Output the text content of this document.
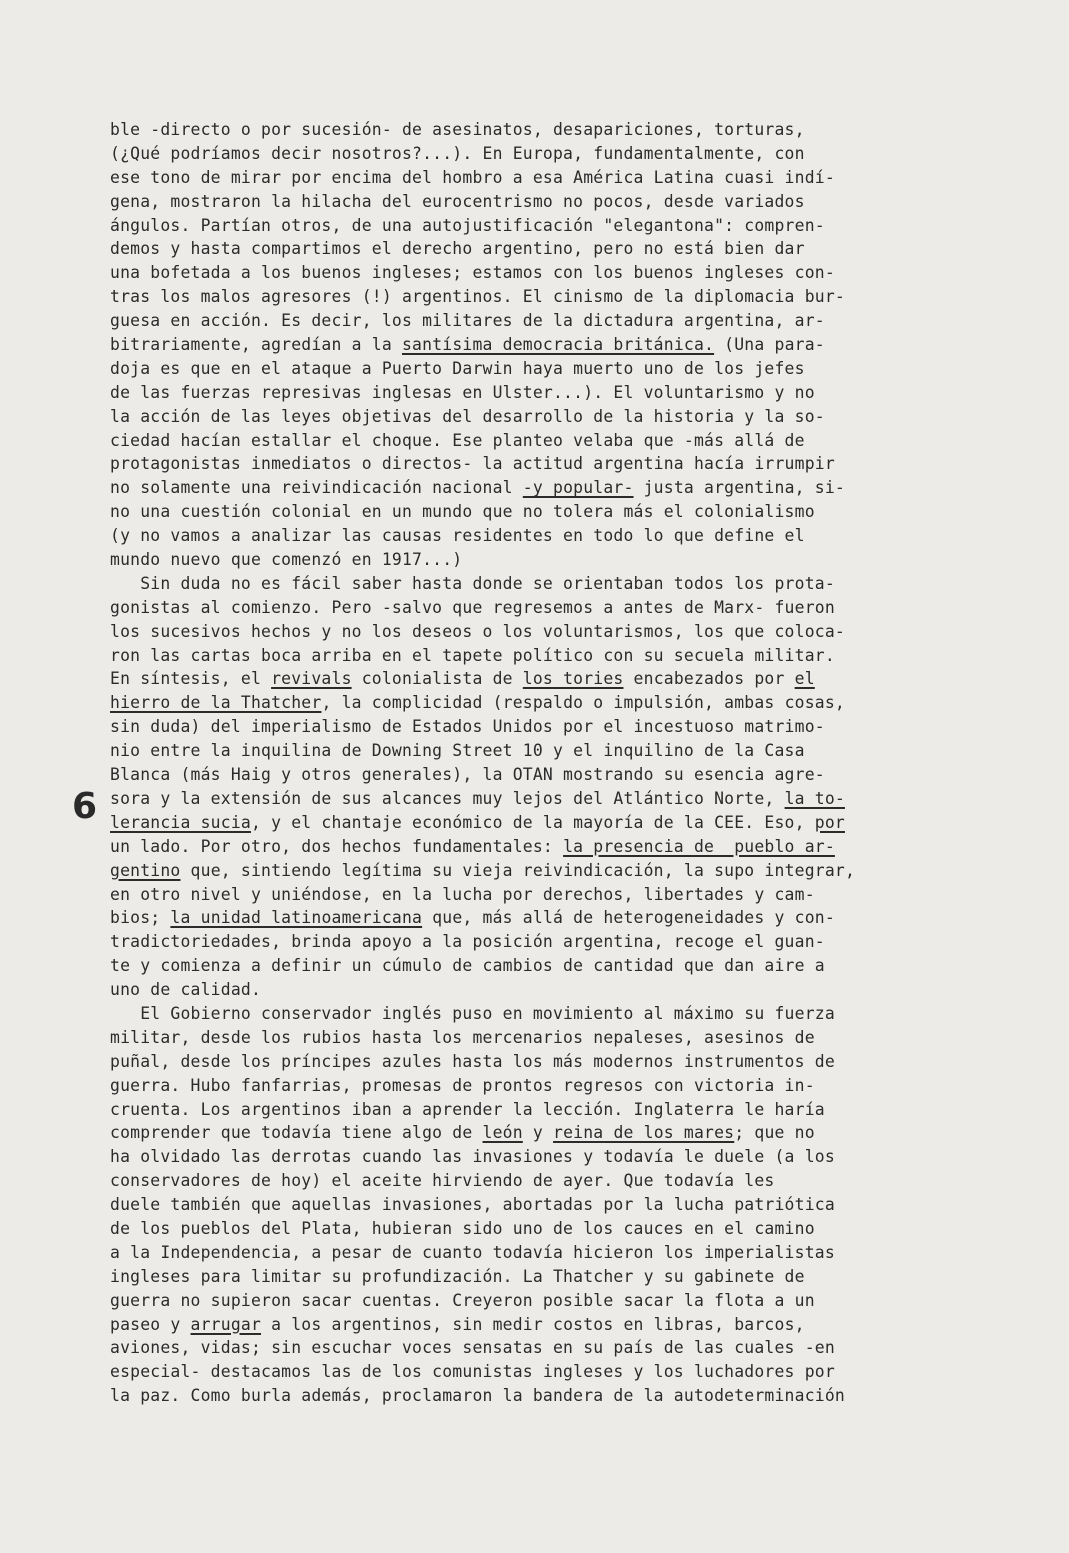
6
ble -directo o por sucesión- de asesinatos, desapariciones, torturas,
(¿Qué podríamos decir nosotros?...). En Europa, fundamentalmente, con
ese tono de mirar por encima del hombro a esa América Latina cuasi indí-
gena, mostraron la hilacha del eurocentrismo no pocos, desde variados
ángulos. Partían otros, de una autojustificación "elegantona": compren-
demos y hasta compartimos el derecho argentino, pero no está bien dar
una bofetada a los buenos ingleses; estamos con los buenos ingleses con-
tras los malos agresores (!) argentinos. El cinismo de la diplomacia bur-
guesa en acción. Es decir, los militares de la dictadura argentina, ar-
bitrariamente, agredían a la santísima democracia británica. (Una para-
doja es que en el ataque a Puerto Darwin haya muerto uno de los jefes
de las fuerzas represivas inglesas en Ulster...). El voluntarismo y no
la acción de las leyes objetivas del desarrollo de la historia y la so-
ciedad hacían estallar el choque. Ese planteo velaba que -más allá de
protagonistas inmediatos o directos- la actitud argentina hacía irrumpir
no solamente una reivindicación nacional -y popular- justa argentina, si-
no una cuestión colonial en un mundo que no tolera más el colonialismo
(y no vamos a analizar las causas residentes en todo lo que define el
mundo nuevo que comenzó en 1917...)
Sin duda no es fácil saber hasta donde se orientaban todos los prota-
gonistas al comienzo. Pero -salvo que regresemos a antes de Marx- fueron
los sucesivos hechos y no los deseos o los voluntarismos, los que coloca-
ron las cartas boca arriba en el tapete político con su secuela militar.
En síntesis, el revivals colonialista de los tories encabezados por el
hierro de la Thatcher, la complicidad (respaldo o impulsión, ambas cosas,
sin duda) del imperialismo de Estados Unidos por el incestuoso matrimo-
nio entre la inquilina de Downing Street 10 y el inquilino de la Casa
Blanca (más Haig y otros generales), la OTAN mostrando su esencia agre-
sora y la extensión de sus alcances muy lejos del Atlántico Norte, la to-
lerancia sucia, y el chantaje económico de la mayoría de la CEE. Eso, por
un lado. Por otro, dos hechos fundamentales: la presencia de  pueblo ar-
gentino que, sintiendo legítima su vieja reivindicación, la supo integrar,
en otro nivel y uniéndose, en la lucha por derechos, libertades y cam-
bios; la unidad latinoamericana que, más allá de heterogeneidades y con-
tradictoriedades, brinda apoyo a la posición argentina, recoge el guan-
te y comienza a definir un cúmulo de cambios de cantidad que dan aire a
uno de calidad.
El Gobierno conservador inglés puso en movimiento al máximo su fuerza
militar, desde los rubios hasta los mercenarios nepaleses, asesinos de
puñal, desde los príncipes azules hasta los más modernos instrumentos de
guerra. Hubo fanfarrias, promesas de prontos regresos con victoria in-
cruenta. Los argentinos iban a aprender la lección. Inglaterra le haría
comprender que todavía tiene algo de león y reina de los mares; que no
ha olvidado las derrotas cuando las invasiones y todavía le duele (a los
conservadores de hoy) el aceite hirviendo de ayer. Que todavía les
duele también que aquellas invasiones, abortadas por la lucha patriótica
de los pueblos del Plata, hubieran sido uno de los cauces en el camino
a la Independencia, a pesar de cuanto todavía hicieron los imperialistas
ingleses para limitar su profundización. La Thatcher y su gabinete de
guerra no supieron sacar cuentas. Creyeron posible sacar la flota a un
paseo y arrugar a los argentinos, sin medir costos en libras, barcos,
aviones, vidas; sin escuchar voces sensatas en su país de las cuales -en
especial- destacamos las de los comunistas ingleses y los luchadores por
la paz. Como burla además, proclamaron la bandera de la autodeterminación
